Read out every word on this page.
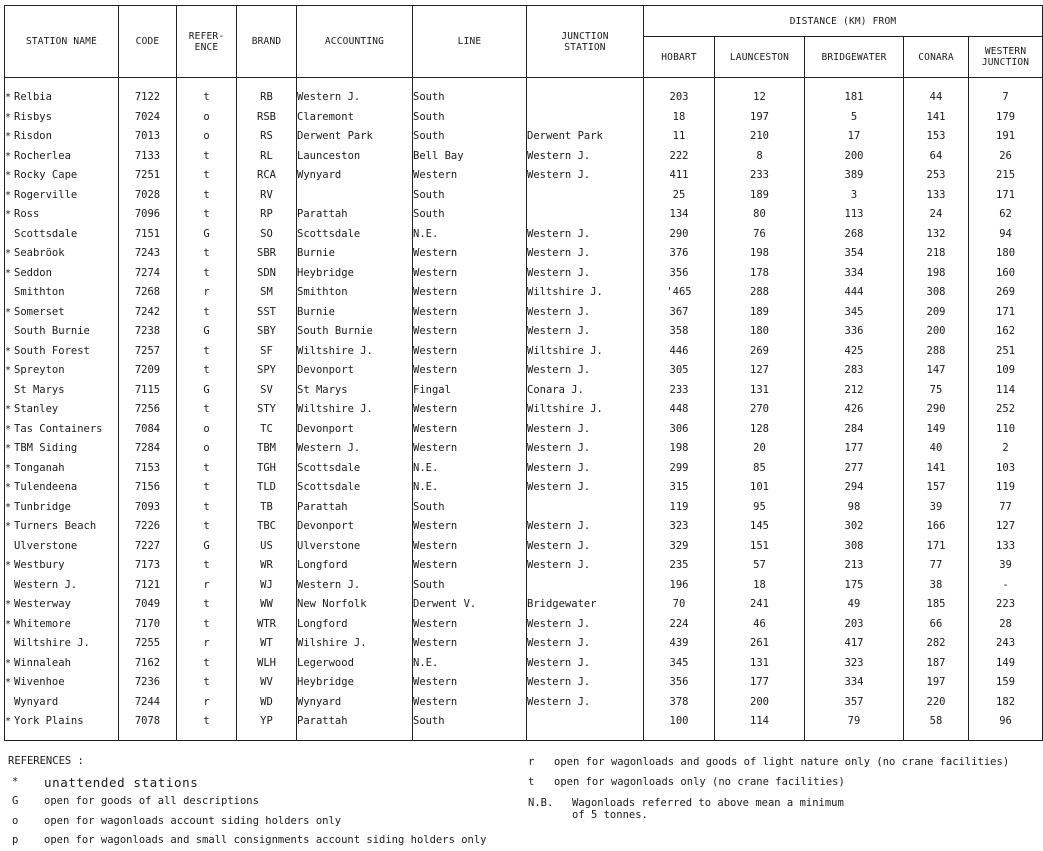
STATION NAME	CODE	REFER-
ENCE	BRAND	ACCOUNTING	LINE	JUNCTION
STATION	DISTANCE (KM) FROM				
							HOBART	LAUNCESTON	BRIDGEWATER	CONARA	WESTERN
JUNCTION
* Relbia	7122	t	RB	Western J.	South		203	12	181	44	7
* Risbys	7024	o	RSB	Claremont	South		18	197	5	141	179
* Risdon	7013	o	RS	Derwent Park	South	Derwent Park	11	210	17	153	191
* Rocherlea	7133	t	RL	Launceston	Bell Bay	Western J.	222	8	200	64	26
* Rocky Cape	7251	t	RCA	Wynyard	Western	Western J.	411	233	389	253	215
* Rogerville	7028	t	RV		South		25	189	3	133	171
* Ross	7096	t	RP	Parattah	South		134	80	113	24	62
Scottsdale	7151	G	SO	Scottsdale	N.E.	Western J.	290	76	268	132	94
* Seabröok	7243	t	SBR	Burnie	Western	Western J.	376	198	354	218	180
* Seddon	7274	t	SDN	Heybridge	Western	Western J.	356	178	334	198	160
Smithton	7268	r	SM	Smithton	Western	Wiltshire J.	'465	288	444	308	269
* Somerset	7242	t	SST	Burnie	Western	Western J.	367	189	345	209	171
South Burnie	7238	G	SBY	South Burnie	Western	Western J.	358	180	336	200	162
* South Forest	7257	t	SF	Wiltshire J.	Western	Wiltshire J.	446	269	425	288	251
* Spreyton	7209	t	SPY	Devonport	Western	Western J.	305	127	283	147	109
St Marys	7115	G	SV	St Marys	Fingal	Conara J.	233	131	212	75	114
* Stanley	7256	t	STY	Wiltshire J.	Western	Wiltshire J.	448	270	426	290	252
* Tas Containers	7084	o	TC	Devonport	Western	Western J.	306	128	284	149	110
* TBM Siding	7284	o	TBM	Western J.	Western	Western J.	198	20	177	40	2
* Tonganah	7153	t	TGH	Scottsdale	N.E.	Western J.	299	85	277	141	103
* Tulendeena	7156	t	TLD	Scottsdale	N.E.	Western J.	315	101	294	157	119
* Tunbridge	7093	t	TB	Parattah	South		119	95	98	39	77
* Turners Beach	7226	t	TBC	Devonport	Western	Western J.	323	145	302	166	127
Ulverstone	7227	G	US	Ulverstone	Western	Western J.	329	151	308	171	133
* Westbury	7173	t	WR	Longford	Western	Western J.	235	57	213	77	39
Western J.	7121	r	WJ	Western J.	South		196	18	175	38	-
* Westerway	7049	t	WW	New Norfolk	Derwent V.	Bridgewater	70	241	49	185	223
* Whitemore	7170	t	WTR	Longford	Western	Western J.	224	46	203	66	28
Wiltshire J.	7255	r	WT	Wilshire J.	Western	Western J.	439	261	417	282	243
* Winnaleah	7162	t	WLH	Legerwood	N.E.	Western J.	345	131	323	187	149
* Wivenhoe	7236	t	WV	Heybridge	Western	Western J.	356	177	334	197	159
Wynyard	7244	r	WD	Wynyard	Western	Western J.	378	200	357	220	182
* York Plains	7078	t	YP	Parattah	South		100	114	79	58	96
REFERENCES :
*	unattended stations
G	open for goods of all descriptions
o	open for wagonloads account siding holders only
p	open for wagonloads and small consignments account siding holders only
r	open for wagonloads and goods of light nature only (no crane facilities)
t	open for wagonloads only (no crane facilities)
N.B.	Wagonloads referred to above mean a minimum
of 5 tonnes.
